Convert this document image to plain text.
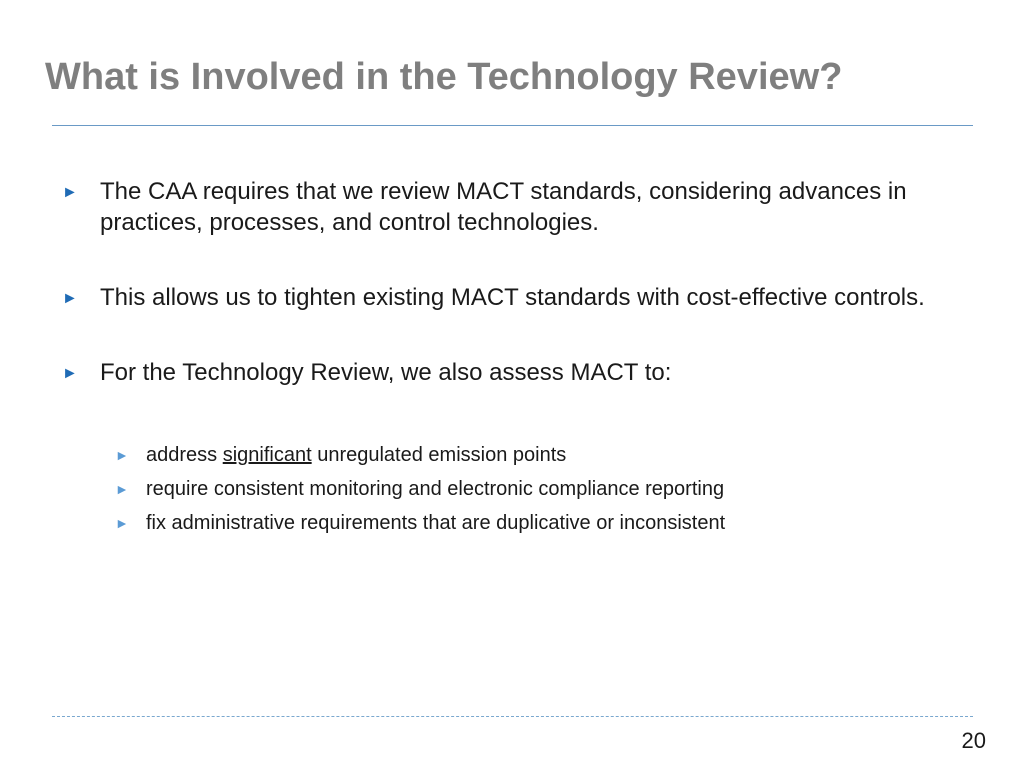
What is Involved in the Technology Review?
► The CAA requires that we review MACT standards, considering advances in practices, processes, and control technologies.
► This allows us to tighten existing MACT standards with cost-effective controls.
► For the Technology Review, we also assess MACT to:
► address significant unregulated emission points
► require consistent monitoring and electronic compliance reporting
► fix administrative requirements that are duplicative or inconsistent
20
